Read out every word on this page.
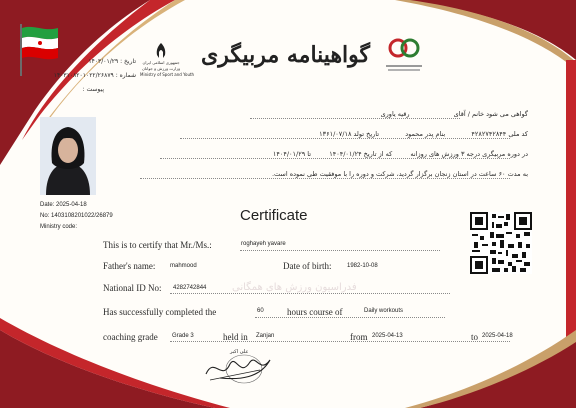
جمهوری اسلامی ایران
وزارت ورزش و جوانان
Ministry of Sport and Youth
تاریخ : ۱۴۰۳/۰۱/۲۹
شماره : ۱۴۰۳۱۰۸۲۰۱۰۲۲/۲۶۸۷۹
پیوست :
گواهینامه مربیگری
گواهی می شود خانم / آقای  رقیه یاوری
کد ملی ۴۲۸۲۷۴۲۸۴۴  بنام پدر محمود  تاریخ تولد ۱۳۶۱/۰۷/۱۸
در دوره مربیگری درجه ۳ ورزش های روزانه  که از تاریخ ۱۴۰۴/۰۱/۲۴  تا ۱۴۰۴/۰۱/۲۹
به مدت ۶۰ ساعت در استان زنجان برگزار گردید، شرکت و دوره را با موفقیت طی نموده است.
Date: 2025-04-18
No: 1403108201022/26879
Ministry code:
Certificate
This is to certify that Mr./Ms.:	roghayeh yavare
Father's name: mahmood	Date of birth:	1982-10-08
National ID No: 4282742844	فدراسیون ورزش های همگانی
Has successfully completed the	60	hours course of	Daily workouts
coaching grade Grade 3	held in Zanjan	from 2025-04-13	to 2025-04-18
علی اکبر
